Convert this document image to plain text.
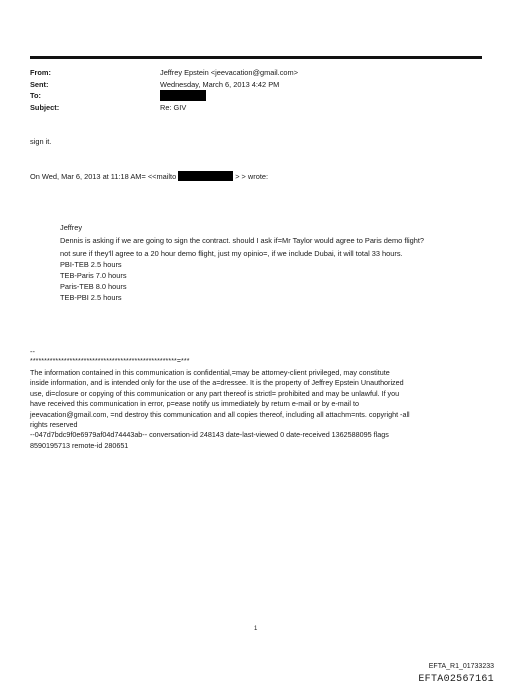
From:	Jeffrey Epstein <jeevacation@gmail.com>
Sent:	Wednesday, March 6, 2013 4:42 PM
To:
Subject:	Re: GIV
sign it.
On Wed, Mar 6, 2013 at 11:18 AM= <<mailto	> > wrote:
Jeffrey
Dennis is asking if we are going to sign the contract. should I ask if=Mr Taylor would agree to Paris demo flight?
not sure if they'll agree to a 20 hour demo flight, just my opinio=, if we include Dubai, it will total 33 hours.
PBI-TEB 2.5 hours
TEB-Paris 7.0 hours
Paris-TEB 8.0 hours
TEB-PBI 2.5 hours
--
****************************************************=***
The information contained in this communication is confidential,=may be attorney-client privileged, may constitute
inside information, and is intended only for the use of the a=dressee. It is the property of Jeffrey Epstein Unauthorized
use, di=closure or copying of this communication or any part thereof is strictl= prohibited and may be unlawful. If you
have received this communication in error, p=ease notify us immediately by return e-mail or by e-mail to
jeevacation@gmail.com, =nd destroy this communication and all copies thereof, including all attachm=nts. copyright -all
rights reserved
--047d7bdc9f0e6979af04d74443ab-- conversation-id 248143 date-last-viewed 0 date-received 1362588095 flags
8590195713 remote-id 280651
1
EFTA_R1_01733233
EFTA02567161
